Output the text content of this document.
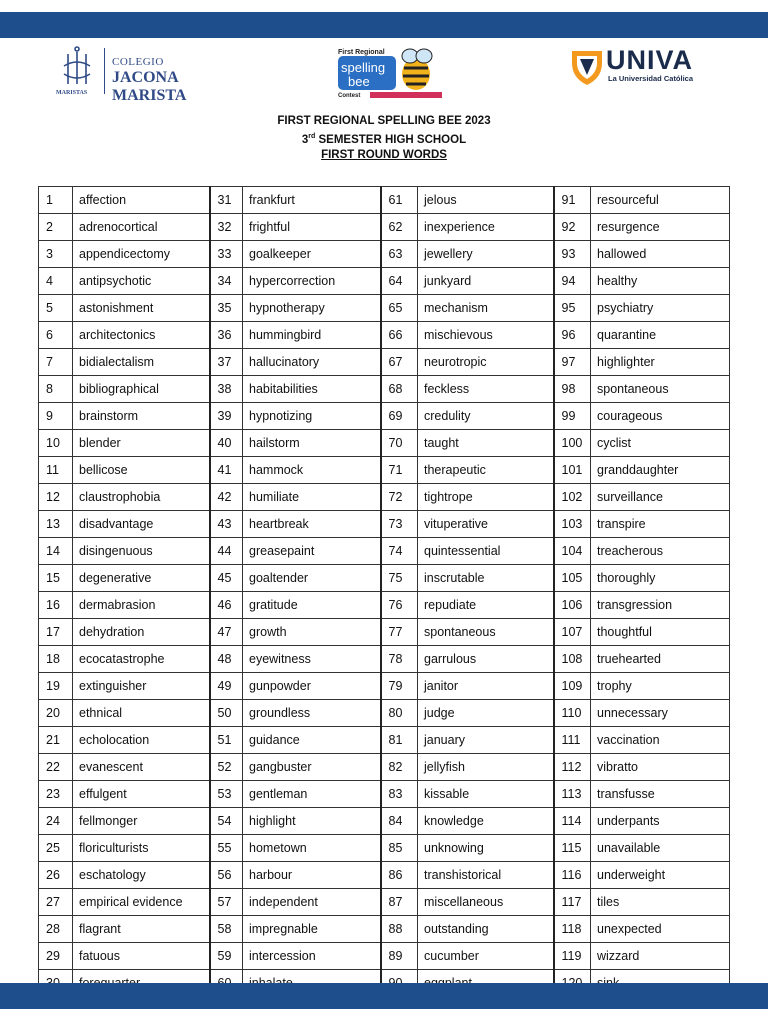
MARISTAS
COLEGIO
JACONA MARISTA
First Regional
spelling
bee
Contest
UNIVA
La Universidad Católica
FIRST REGIONAL SPELLING BEE 2023
3rd SEMESTER HIGH SCHOOL
FIRST ROUND WORDS
1	affection	31	frankfurt	61	jelous	91	resourceful
2	adrenocortical	32	frightful	62	inexperience	92	resurgence
3	appendicectomy	33	goalkeeper	63	jewellery	93	hallowed
4	antipsychotic	34	hypercorrection	64	junkyard	94	healthy
5	astonishment	35	hypnotherapy	65	mechanism	95	psychiatry
6	architectonics	36	hummingbird	66	mischievous	96	quarantine
7	bidialectalism	37	hallucinatory	67	neurotropic	97	highlighter
8	bibliographical	38	habitabilities	68	feckless	98	spontaneous
9	brainstorm	39	hypnotizing	69	credulity	99	courageous
10	blender	40	hailstorm	70	taught	100	cyclist
11	bellicose	41	hammock	71	therapeutic	101	granddaughter
12	claustrophobia	42	humiliate	72	tightrope	102	surveillance
13	disadvantage	43	heartbreak	73	vituperative	103	transpire
14	disingenuous	44	greasepaint	74	quintessential	104	treacherous
15	degenerative	45	goaltender	75	inscrutable	105	thoroughly
16	dermabrasion	46	gratitude	76	repudiate	106	transgression
17	dehydration	47	growth	77	spontaneous	107	thoughtful
18	ecocatastrophe	48	eyewitness	78	garrulous	108	truehearted
19	extinguisher	49	gunpowder	79	janitor	109	trophy
20	ethnical	50	groundless	80	judge	110	unnecessary
21	echolocation	51	guidance	81	january	111	vaccination
22	evanescent	52	gangbuster	82	jellyfish	112	vibratto
23	effulgent	53	gentleman	83	kissable	113	transfusse
24	fellmonger	54	highlight	84	knowledge	114	underpants
25	floriculturists	55	hometown	85	unknowing	115	unavailable
26	eschatology	56	harbour	86	transhistorical	116	underweight
27	empirical evidence	57	independent	87	miscellaneous	117	tiles
28	flagrant	58	impregnable	88	outstanding	118	unexpected
29	fatuous	59	intercession	89	cucumber	119	wizzard
